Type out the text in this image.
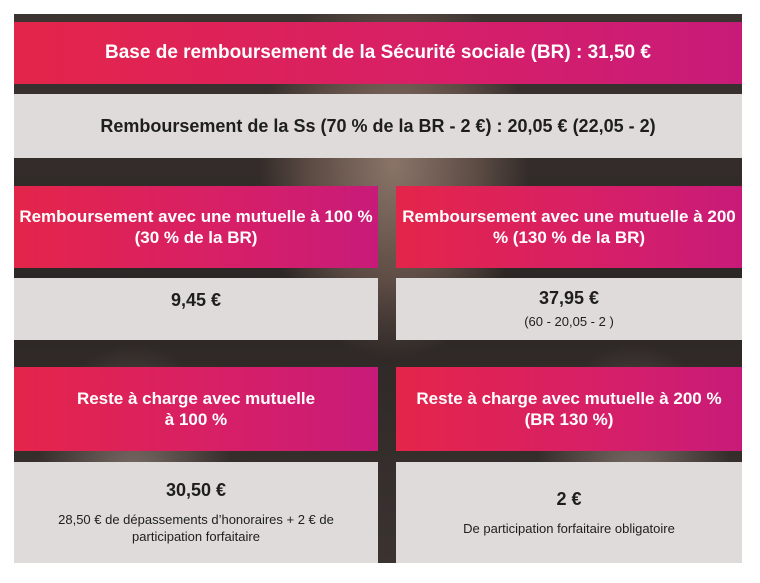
Base de remboursement de la Sécurité sociale (BR) : 31,50 €
Remboursement de la Ss (70 % de la BR - 2 €) : 20,05 € (22,05 - 2)
Remboursement avec une mutuelle à 100 % (30 % de la BR)
9,45 €
Remboursement avec une mutuelle à 200 % (130 % de la BR)
37,95 €
(60 - 20,05 - 2 )
Reste à charge avec mutuelle à 100 %
30,50 €
28,50 € de dépassements d’honoraires + 2 € de participation forfaitaire
Reste à charge avec mutuelle à 200 % (BR 130 %)
2 €
De participation forfaitaire obligatoire
